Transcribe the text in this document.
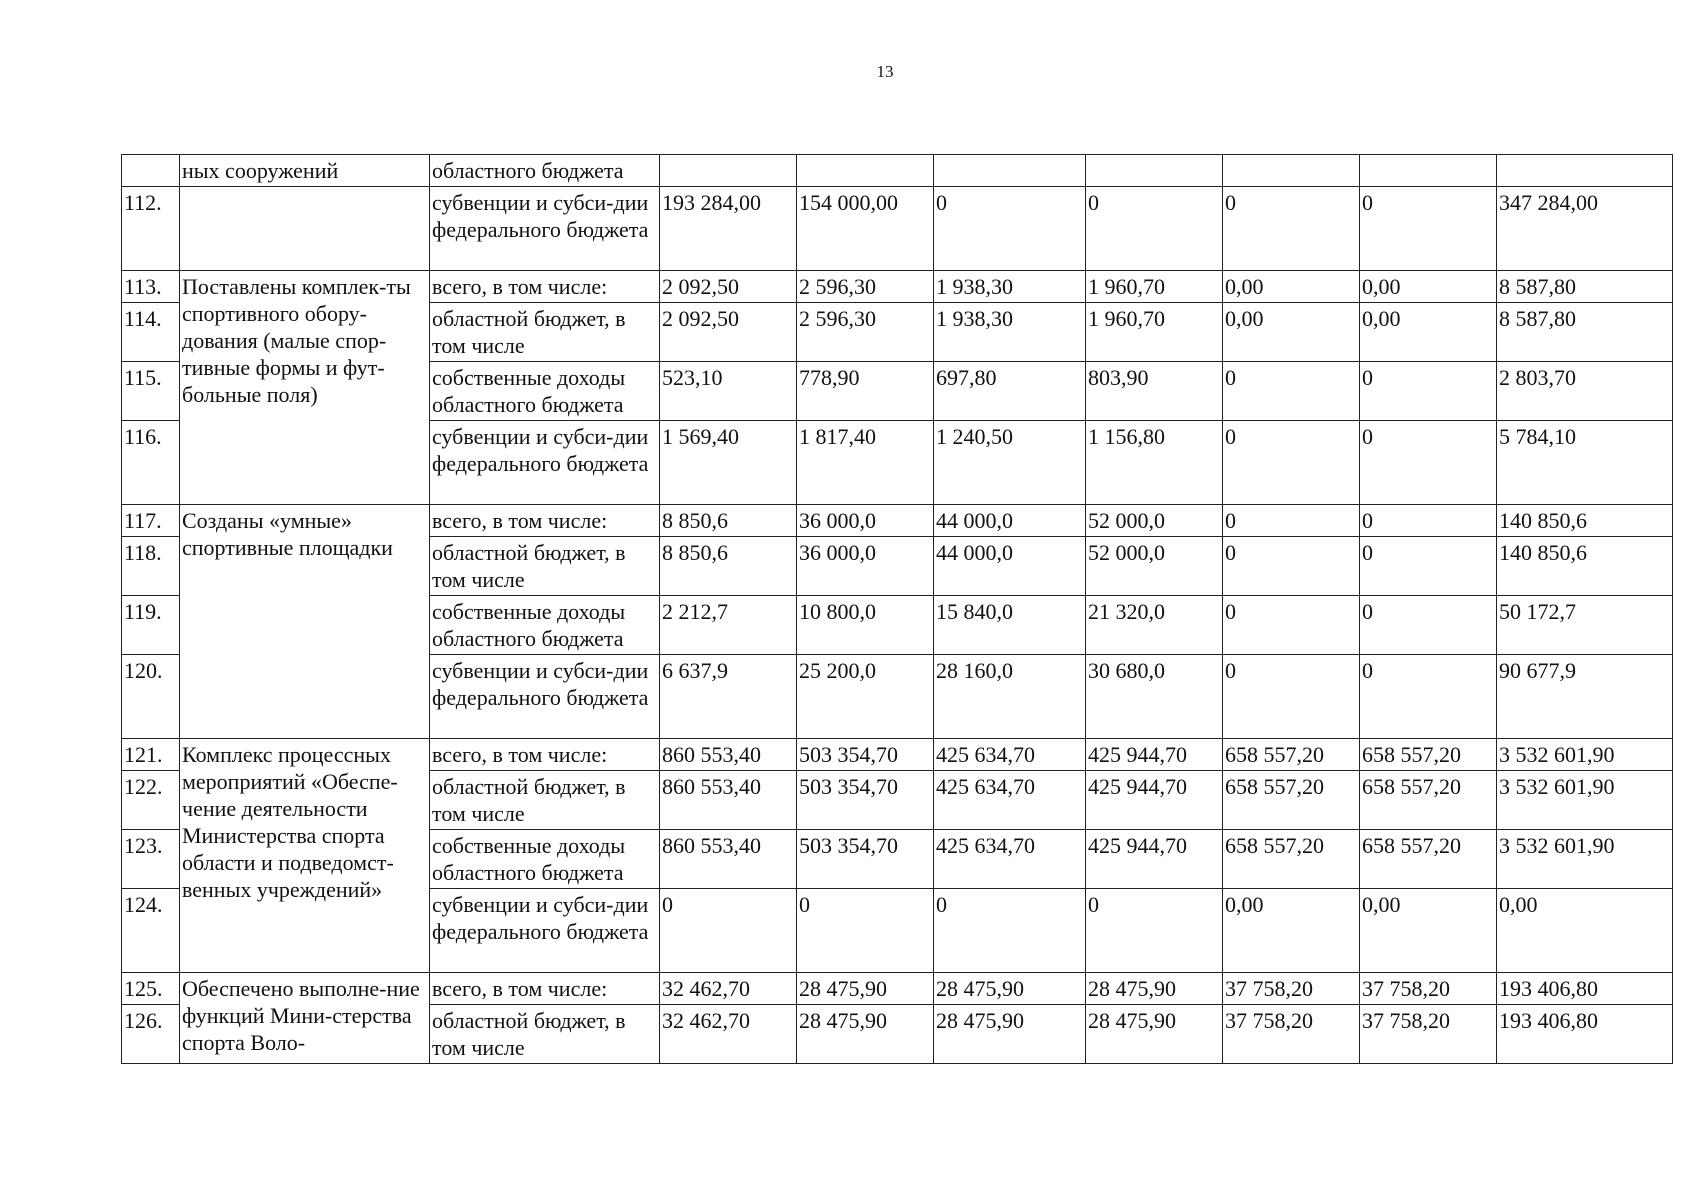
13
	ных сооружений	областного бюджета							
112.		субвенции и субси-дии федерального бюджета	193 284,00	154 000,00	0	0	0	0	347 284,00
113.	Поставлены комплек-ты спортивного обору-дования (малые спор-тивные формы и фут-больные поля)	всего, в том числе:	2 092,50	2 596,30	1 938,30	1 960,70	0,00	0,00	8 587,80
114.		областной бюджет, в том числе	2 092,50	2 596,30	1 938,30	1 960,70	0,00	0,00	8 587,80
115.		собственные доходы областного бюджета	523,10	778,90	697,80	803,90	0	0	2 803,70
116.		субвенции и субси-дии федерального бюджета	1 569,40	1 817,40	1 240,50	1 156,80	0	0	5 784,10
117.	Созданы «умные» спортивные площадки	всего, в том числе:	8 850,6	36 000,0	44 000,0	52 000,0	0	0	140 850,6
118.		областной бюджет, в том числе	8 850,6	36 000,0	44 000,0	52 000,0	0	0	140 850,6
119.		собственные доходы областного бюджета	2 212,7	10 800,0	15 840,0	21 320,0	0	0	50 172,7
120.		субвенции и субси-дии федерального бюджета	6 637,9	25 200,0	28 160,0	30 680,0	0	0	90 677,9
121.	Комплекс процессных мероприятий «Обеспе-чение деятельности Министерства спорта области и подведомст-венных учреждений»	всего, в том числе:	860 553,40	503 354,70	425 634,70	425 944,70	658 557,20	658 557,20	3 532 601,90
122.		областной бюджет, в том числе	860 553,40	503 354,70	425 634,70	425 944,70	658 557,20	658 557,20	3 532 601,90
123.		собственные доходы областного бюджета	860 553,40	503 354,70	425 634,70	425 944,70	658 557,20	658 557,20	3 532 601,90
124.		субвенции и субси-дии федерального бюджета	0	0	0	0	0,00	0,00	0,00
125.	Обеспечено выполне-ние функций Мини-стерства спорта Воло-	всего, в том числе:	32 462,70	28 475,90	28 475,90	28 475,90	37 758,20	37 758,20	193 406,80
126.		областной бюджет, в том числе	32 462,70	28 475,90	28 475,90	28 475,90	37 758,20	37 758,20	193 406,80
